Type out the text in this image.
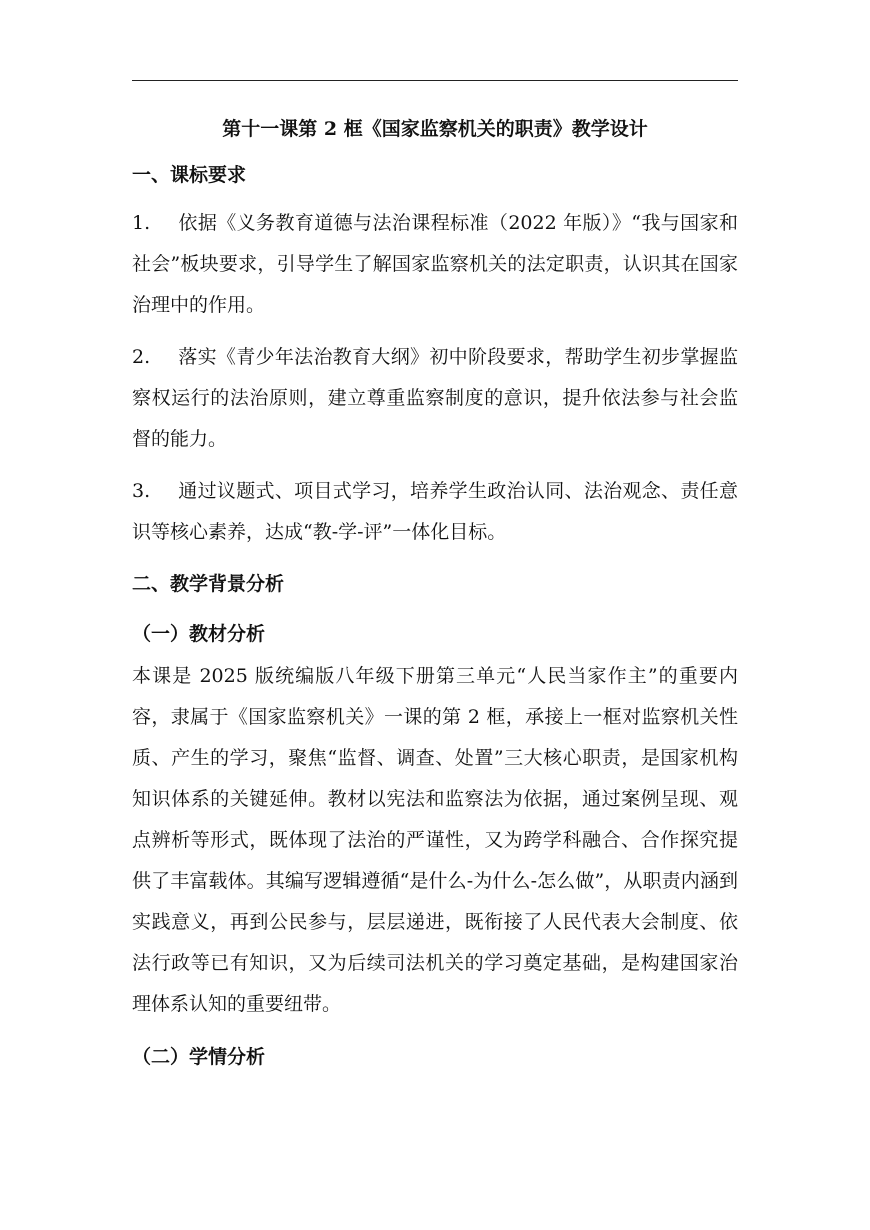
第十一课第 2 框《国家监察机关的职责》教学设计
一、课标要求

1. 依据《义务教育道德与法治课程标准（2022 年版）》“我与国家和社会”板块要求，引导学生了解国家监察机关的法定职责，认识其在国家治理中的作用。

2. 落实《青少年法治教育大纲》初中阶段要求，帮助学生初步掌握监察权运行的法治原则，建立尊重监察制度的意识，提升依法参与社会监督的能力。

3. 通过议题式、项目式学习，培养学生政治认同、法治观念、责任意识等核心素养，达成“教-学-评”一体化目标。

二、教学背景分析
（一）教材分析

本课是 2025 版统编版八年级下册第三单元“人民当家作主”的重要内容，隶属于《国家监察机关》一课的第 2 框，承接上一框对监察机关性质、产生的学习，聚焦“监督、调查、处置”三大核心职责，是国家机构知识体系的关键延伸。教材以宪法和监察法为依据，通过案例呈现、观点辨析等形式，既体现了法治的严谨性，又为跨学科融合、合作探究提供了丰富载体。其编写逻辑遵循“是什么-为什么-怎么做”，从职责内涵到实践意义，再到公民参与，层层递进，既衔接了人民代表大会制度、依法行政等已有知识，又为后续司法机关的学习奠定基础，是构建国家治理体系认知的重要纽带。

（二）学情分析
